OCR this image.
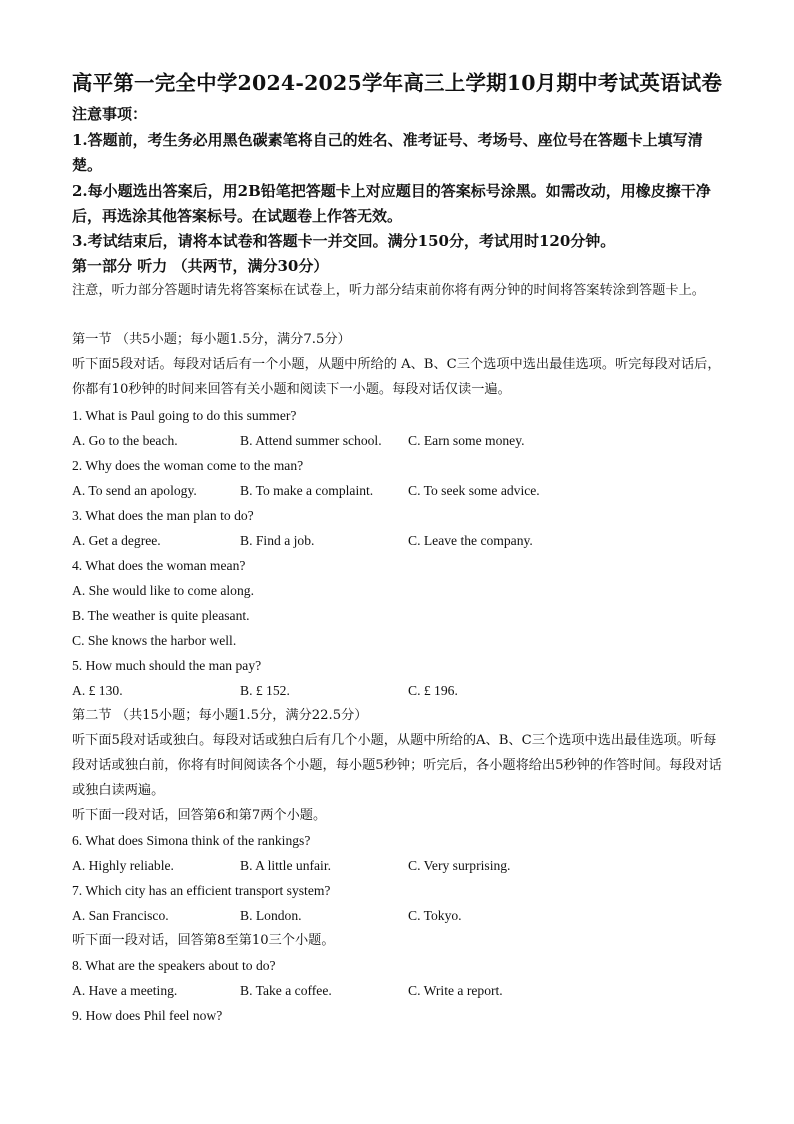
高平第一完全中学2024-2025学年高三上学期10月期中考试英语试卷
注意事项：
1.答题前，考生务必用黑色碳素笔将自己的姓名、准考证号、考场号、座位号在答题卡上填写清楚。
2.每小题选出答案后，用2B铅笔把答题卡上对应题目的答案标号涂黑。如需改动，用橡皮擦干净后，再选涂其他答案标号。在试题卷上作答无效。
3.考试结束后，请将本试卷和答题卡一并交回。满分150分，考试用时120分钟。
第一部分 听力 （共两节，满分30分）
注意，听力部分答题时请先将答案标在试卷上，听力部分结束前你将有两分钟的时间将答案转涂到答题卡上。
第一节 （共5小题；每小题1.5分，满分7.5分）
听下面5段对话。每段对话后有一个小题，从题中所给的 A、B、C三个选项中选出最佳选项。听完每段对话后，你都有10秒钟的时间来回答有关小题和阅读下一小题。每段对话仅读一遍。
1. What is Paul going to do this summer?
A. Go to the beach.	B. Attend summer school. C. Earn some money.
2. Why does the woman come to the man?
A. To send an apology.	B. To make a complaint.	C. To seek some advice.
3. What does the man plan to do?
A. Get a degree.	B. Find a job.	C. Leave the company.
4. What does the woman mean?
A. She would like to come along.
B. The weather is quite pleasant.
C. She knows the harbor well.
5. How much should the man pay?
A. £ 130.	B. £ 152.	C. £ 196.
第二节 （共15小题；每小题1.5分，满分22.5分）
听下面5段对话或独白。每段对话或独白后有几个小题，从题中所给的A、B、C三个选项中选出最佳选项。听每段对话或独白前，你将有时间阅读各个小题，每小题5秒钟；听完后，各小题将给出5秒钟的作答时间。每段对话或独白读两遍。
听下面一段对话，回答第6和第7两个小题。
6. What does Simona think of the rankings?
A. Highly reliable.	B. A little unfair.	C. Very surprising.
7. Which city has an efficient transport system?
A. San Francisco.	B. London.	C. Tokyo.
听下面一段对话，回答第8至第10三个小题。
8. What are the speakers about to do?
A. Have a meeting.	B. Take a coffee.	C. Write a report.
9. How does Phil feel now?
